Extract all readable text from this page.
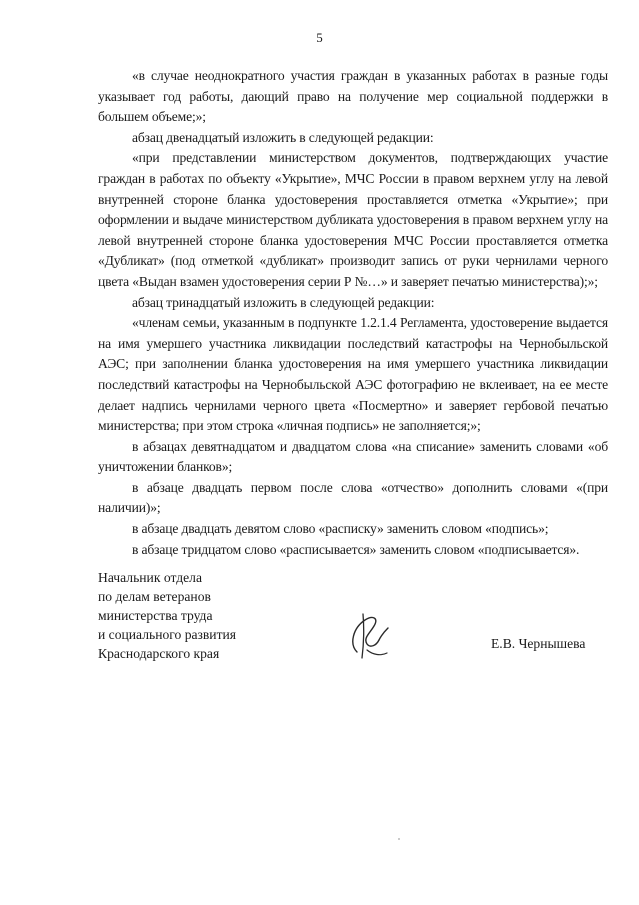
5

«в случае неоднократного участия граждан в указанных работах в разные годы указывает год работы, дающий право на получение мер социальной поддержки в большем объеме;»;

абзац двенадцатый изложить в следующей редакции:

«при представлении министерством документов, подтверждающих участие граждан в работах по объекту «Укрытие», МЧС России в правом верхнем углу на левой внутренней стороне бланка удостоверения проставляется отметка «Укрытие»; при оформлении и выдаче министерством дубликата удостоверения в правом верхнем углу на левой внутренней стороне бланка удостоверения МЧС России проставляется отметка «Дубликат» (под отметкой «дубликат» производит запись от руки чернилами черного цвета «Выдан взамен удостоверения серии Р №…» и заверяет печатью министерства);»;

абзац тринадцатый изложить в следующей редакции:

«членам семьи, указанным в подпункте 1.2.1.4 Регламента, удостоверение выдается на имя умершего участника ликвидации последствий катастрофы на Чернобыльской АЭС; при заполнении бланка удостоверения на имя умершего участника ликвидации последствий катастрофы на Чернобыльской АЭС фотографию не вклеивает, на ее месте делает надпись чернилами черного цвета «Посмертно» и заверяет гербовой печатью министерства; при этом строка «личная подпись» не заполняется;»;

в абзацах девятнадцатом и двадцатом слова «на списание» заменить словами «об уничтожении бланков»;

в абзаце двадцать первом после слова «отчество» дополнить словами «(при наличии)»;

в абзаце двадцать девятом слово «расписку» заменить словом «подпись»;

в абзаце тридцатом слово «расписывается» заменить словом «подписывается».

Начальник отдела
по делам ветеранов
министерства труда
и социального развития
Краснодарского края
Е.В. Чернышева
